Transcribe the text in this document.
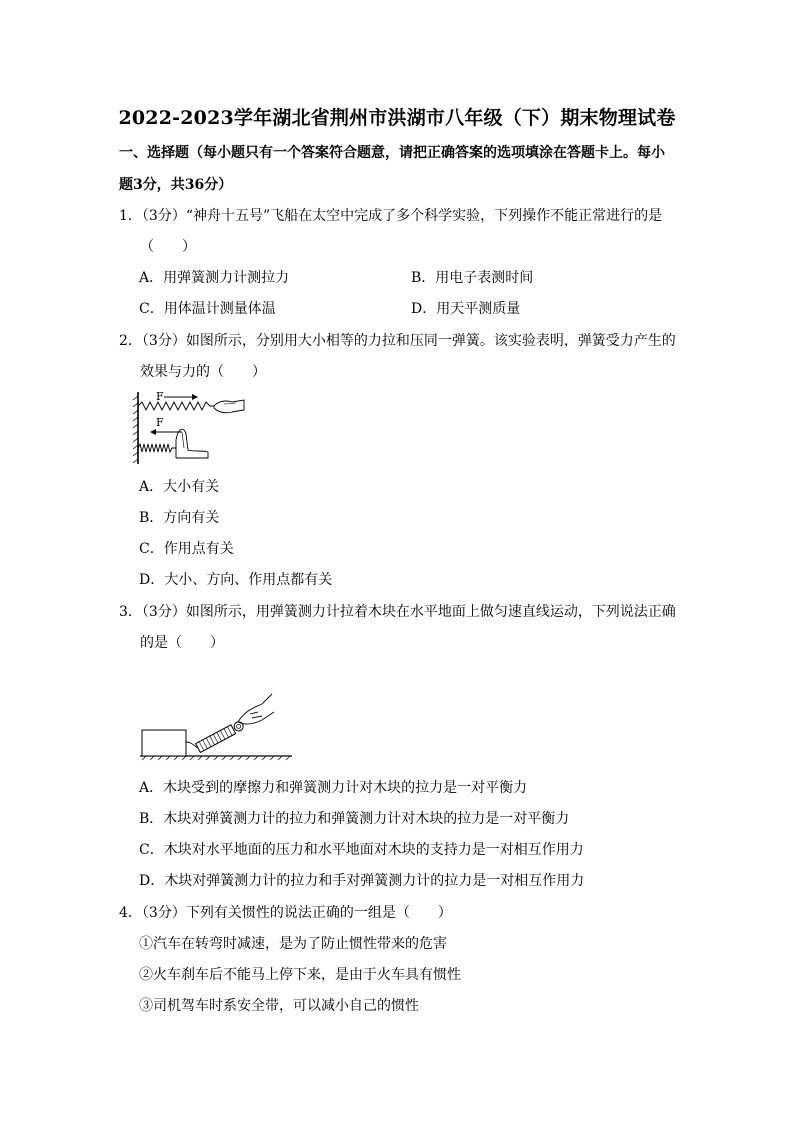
2022-2023学年湖北省荆州市洪湖市八年级（下）期末物理试卷
一、选择题（每小题只有一个答案符合题意，请把正确答案的选项填涂在答题卡上。每小
题3分，共36分）
1．（3分）“神舟十五号”飞船在太空中完成了多个科学实验，下列操作不能正常进行的是
（　　）
A．用弹簧测力计测拉力	B．用电子表测时间
C．用体温计测量体温	D．用天平测质量
2．（3分）如图所示，分别用大小相等的力拉和压同一弹簧。该实验表明，弹簧受力产生的
效果与力的（　　）
F
F
A．大小有关
B．方向有关
C．作用点有关
D．大小、方向、作用点都有关
3．（3分）如图所示，用弹簧测力计拉着木块在水平地面上做匀速直线运动，下列说法正确
的是（　　）
A．木块受到的摩擦力和弹簧测力计对木块的拉力是一对平衡力
B．木块对弹簧测力计的拉力和弹簧测力计对木块的拉力是一对平衡力
C．木块对水平地面的压力和水平地面对木块的支持力是一对相互作用力
D．木块对弹簧测力计的拉力和手对弹簧测力计的拉力是一对相互作用力
4．（3分）下列有关惯性的说法正确的一组是（　　）
①汽车在转弯时减速，是为了防止惯性带来的危害
②火车刹车后不能马上停下来，是由于火车具有惯性
③司机驾车时系安全带，可以减小自己的惯性
